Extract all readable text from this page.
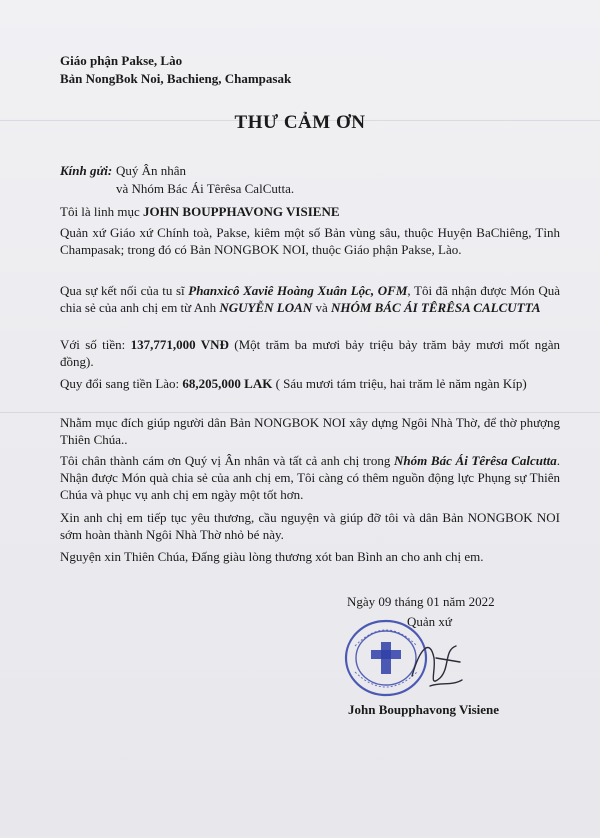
Giáo phận Pakse, Lào
Bản NongBok Noi, Bachieng, Champasak
THƯ CẢM ƠN
Kính gửi: Quý Ân nhân
và Nhóm Bác Ái Têrêsa CalCutta.
Tôi là linh mục JOHN BOUPPHAVONG VISIENE
Quản xứ Giáo xứ Chính toà, Pakse, kiêm một số Bản vùng sâu, thuộc Huyện BaChiêng, Tỉnh Champasak; trong đó có Bản NONGBOK NOI, thuộc Giáo phận Pakse, Lào.
Qua sự kết nối của tu sĩ Phanxicô Xaviê Hoàng Xuân Lộc, OFM, Tôi đã nhận được Món Quà chia sẻ của anh chị em từ Anh NGUYỄN LOAN và NHÓM BÁC ÁI TÊRÊSA CALCUTTA
Với số tiền: 137,771,000 VNĐ (Một trăm ba mươi bảy triệu bảy trăm bảy mươi mốt ngàn đồng).
Quy đổi sang tiền Lào: 68,205,000 LAK ( Sáu mươi tám triệu, hai trăm lẻ năm ngàn Kíp)
Nhằm mục đích giúp người dân Bản NONGBOK NOI xây dựng Ngôi Nhà Thờ, để thờ phượng Thiên Chúa..
Tôi chân thành cám ơn Quý vị Ân nhân và tất cả anh chị trong Nhóm Bác Ái Têrêsa Calcutta. Nhận được Món quà chia sẻ của anh chị em, Tôi càng có thêm nguồn động lực Phụng sự Thiên Chúa và phục vụ anh chị em ngày một tốt hơn.
Xin anh chị em tiếp tục yêu thương, cầu nguyện và giúp đỡ tôi và dân Bản NONGBOK NOI sớm hoàn thành Ngôi Nhà Thờ nhỏ bé này.
Nguyện xin Thiên Chúa, Đấng giàu lòng thương xót ban Bình an cho anh chị em.
Ngày 09 tháng 01 năm 2022
Quản xứ
John Boupphavong Visiene
